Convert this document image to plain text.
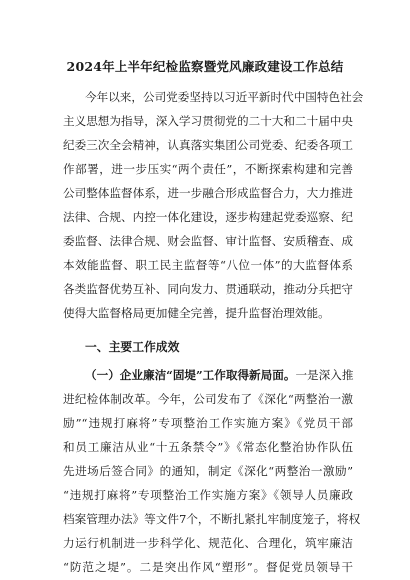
2024年上半年纪检监察暨党风廉政建设工作总结
今年以来，公司党委坚持以习近平新时代中国特色社会
主义思想为指导，深入学习贯彻党的二十大和二十届中央
纪委三次全会精神，认真落实集团公司党委、纪委各项工
作部署，进一步压实“两个责任”，不断探索构建和完善
公司整体监督体系，进一步融合形成监督合力，大力推进
法律、合规、内控一体化建设，逐步构建起党委巡察、纪
委监督、法律合规、财会监督、审计监督、安质稽查、成
本效能监督、职工民主监督等“八位一体”的大监督体系
各类监督优势互补、同向发力、贯通联动，推动分兵把守
使得大监督格局更加健全完善，提升监督治理效能。
一、主要工作成效
（一）企业廉洁“固堤”工作取得新局面。一是深入推
进纪检体制改革。今年，公司发布了《深化“两整治一激
励”“违规打麻将”专项整治工作实施方案》《党员干部
和员工廉洁从业“十五条禁令”》《常态化整治协作队伍
先进场后签合同》的通知，制定《深化“两整治一激励”
“违规打麻将”专项整治工作实施方案》《领导人员廉政
档案管理办法》等文件7个，不断扎紧扎牢制度笼子，将权
力运行机制进一步科学化、规范化、合理化，筑牢廉洁
“防范之堤”。二是突出作风“塑形”。督促党员领导干
